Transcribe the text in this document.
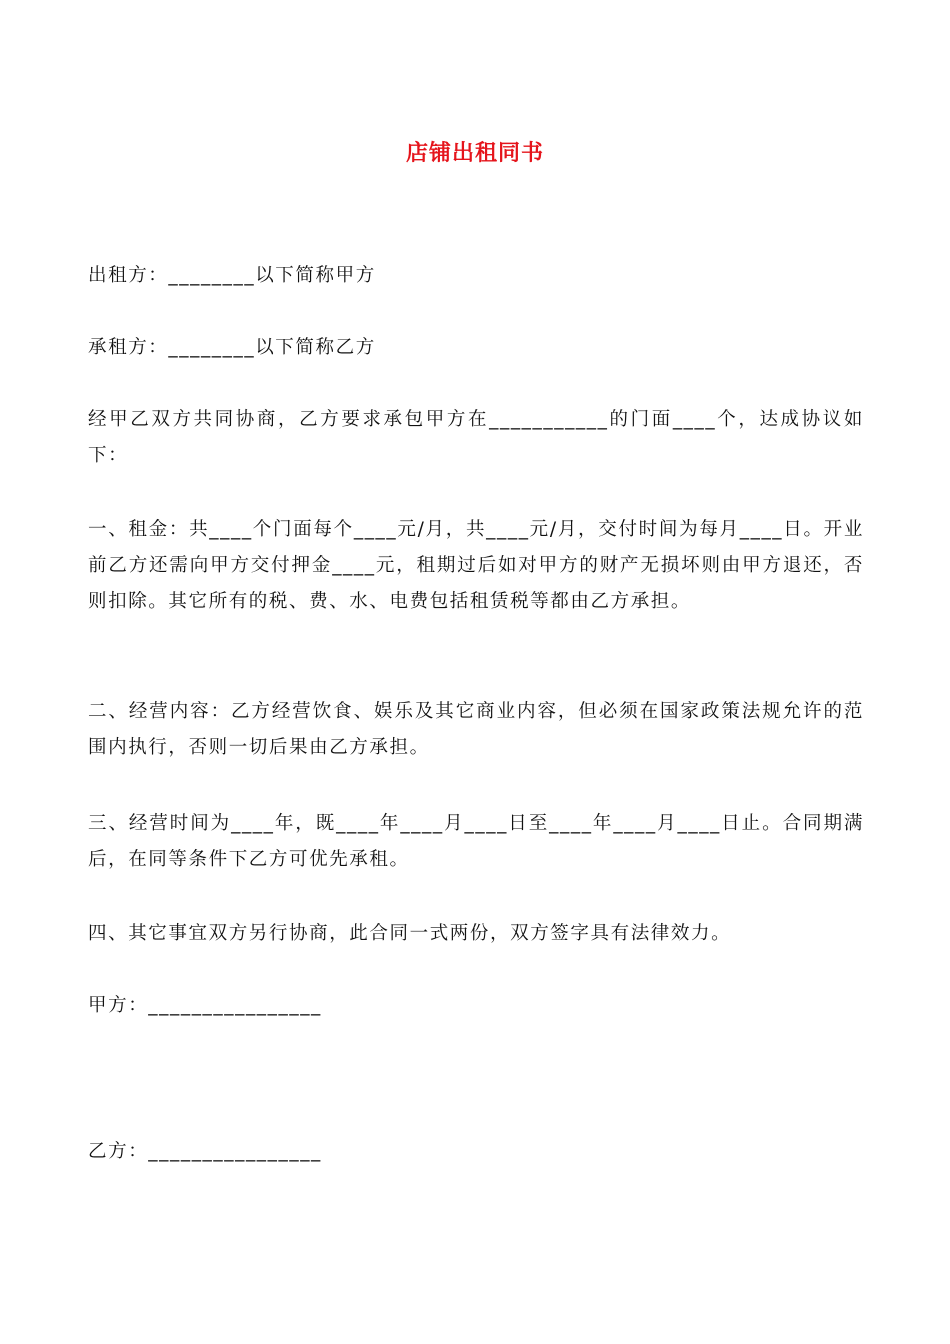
店铺出租同书
出租方：________以下简称甲方
承租方：________以下简称乙方
经甲乙双方共同协商，乙方要求承包甲方在___________的门面____个，达成协议如下：
一、租金：共____个门面每个____元/月，共____元/月，交付时间为每月____日。开业前乙方还需向甲方交付押金____元，租期过后如对甲方的财产无损坏则由甲方退还，否则扣除。其它所有的税、费、水、电费包括租赁税等都由乙方承担。
二、经营内容：乙方经营饮食、娱乐及其它商业内容，但必须在国家政策法规允许的范围内执行，否则一切后果由乙方承担。
三、经营时间为____年，既____年____月____日至____年____月____日止。合同期满后，在同等条件下乙方可优先承租。
四、其它事宜双方另行协商，此合同一式两份，双方签字具有法律效力。
甲方：________________
乙方：________________
